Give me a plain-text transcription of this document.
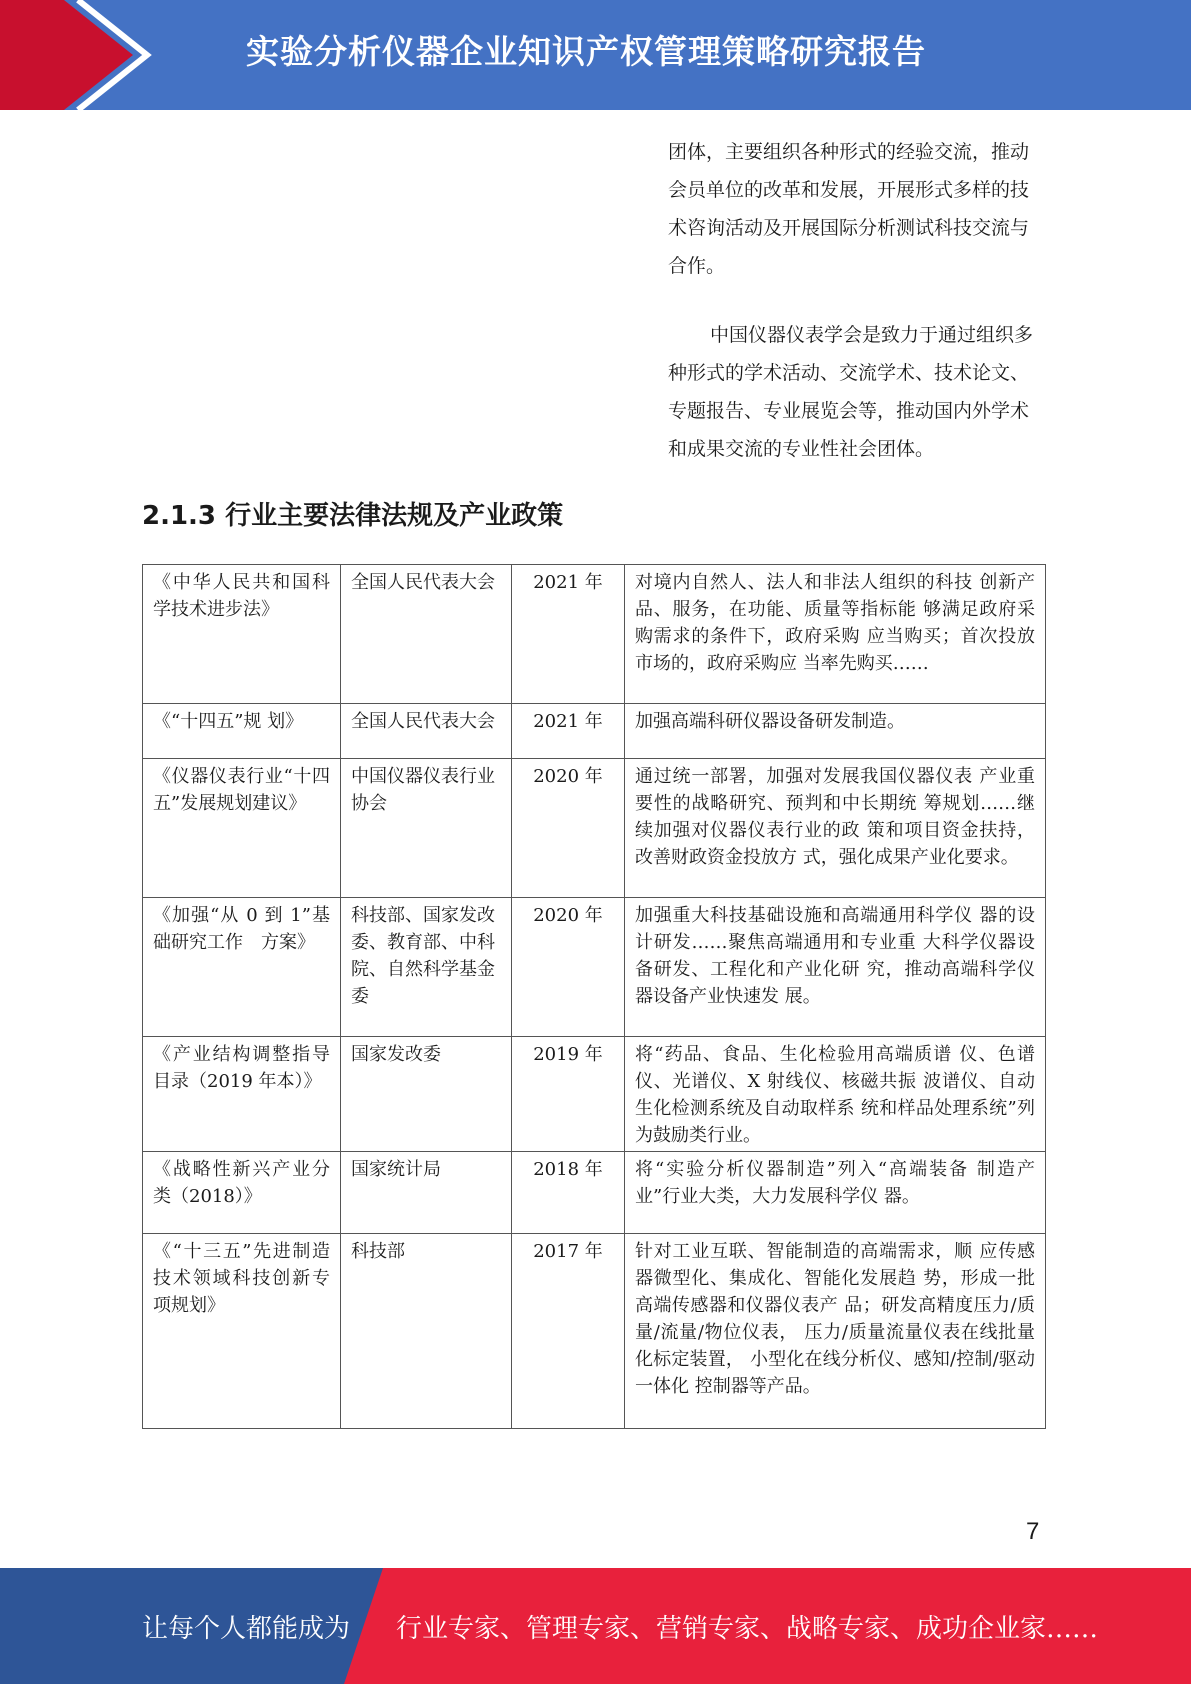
实验分析仪器企业知识产权管理策略研究报告

团体，主要组织各种形式的经验交流，推动会员单位的改革和发展，开展形式多样的技术咨询活动及开展国际分析测试科技交流与合作。

中国仪器仪表学会是致力于通过组织多种形式的学术活动、交流学术、技术论文、专题报告、专业展览会等，推动国内外学术和成果交流的专业性社会团体。

2.1.3 行业主要法律法规及产业政策
《中华人民共和国科学技术进步法》	全国人民代表大会	2021 年	对境内自然人、法人和非法人组织的科技 创新产品、服务，在功能、质量等指标能 够满足政府采购需求的条件下，政府采购 应当购买；首次投放市场的，政府采购应 当率先购买……
《“十四五”规 划》	全国人民代表大会	2021 年	加强高端科研仪器设备研发制造。
《仪器仪表行业“十四五”发展规划建议》	中国仪器仪表行业协会	2020 年	通过统一部署，加强对发展我国仪器仪表 产业重要性的战略研究、预判和中长期统 筹规划……继续加强对仪器仪表行业的政 策和项目资金扶持，改善财政资金投放方 式，强化成果产业化要求。
《加强“从 0 到 1”基础研究工作　方案》	科技部、国家发改委、教育部、中科院、自然科学基金委	2020 年	加强重大科技基础设施和高端通用科学仪 器的设计研发……聚焦高端通用和专业重 大科学仪器设备研发、工程化和产业化研 究，推动高端科学仪器设备产业快速发 展。
《产业结构调整指导目录（2019 年本）》	国家发改委	2019 年	将“药品、食品、生化检验用高端质谱 仪、色谱仪、光谱仪、X 射线仪、核磁共振 波谱仪、自动生化检测系统及自动取样系 统和样品处理系统”列为鼓励类行业。
《战略性新兴产业分类（2018）》	国家统计局	2018 年	将“实验分析仪器制造”列入“高端装备 制造产业”行业大类，大力发展科学仪 器。
《“十三五”先进制造技术领域科技创新专项规划》	科技部	2017 年	针对工业互联、智能制造的高端需求，顺 应传感器微型化、集成化、智能化发展趋 势，形成一批高端传感器和仪器仪表产 品；研发高精度压力/质量/流量/物位仪表， 压力/质量流量仪表在线批量化标定装置， 小型化在线分析仪、感知/控制/驱动一体化 控制器等产品。
7
让每个人都能成为 行业专家、管理专家、营销专家、战略专家、成功企业家……
